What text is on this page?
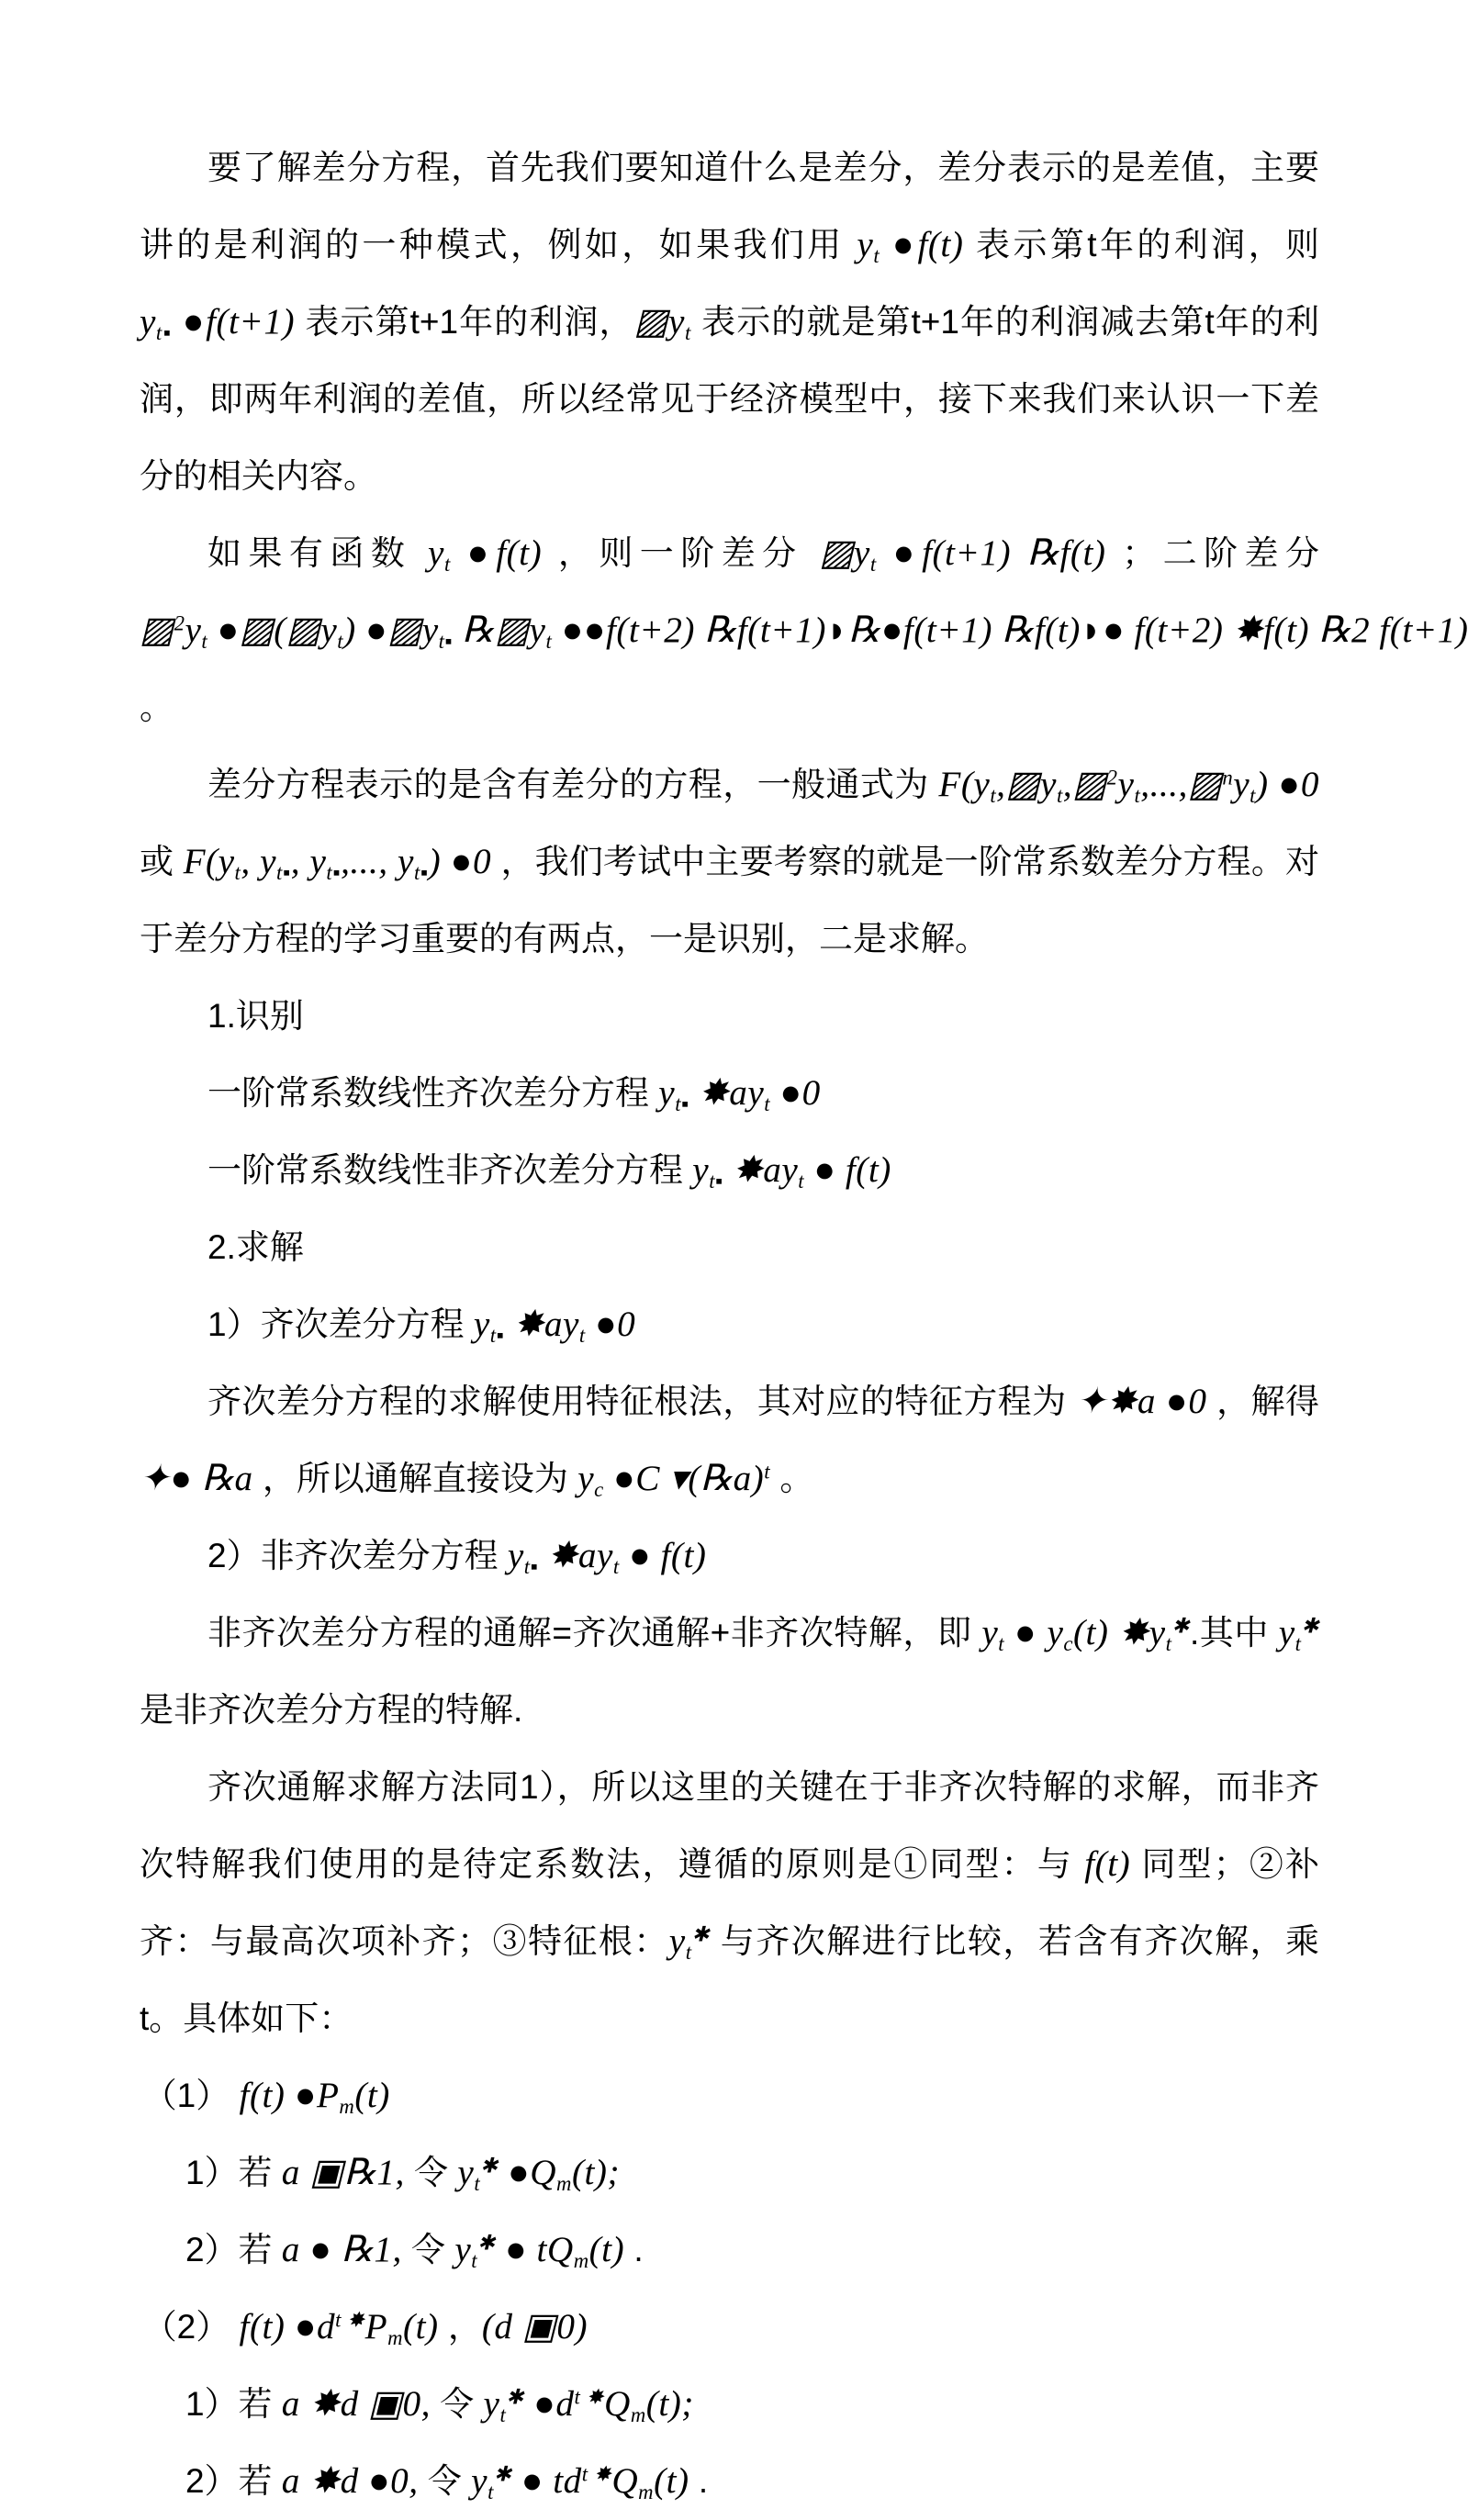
要了解差分方程，首先我们要知道什么是差分，差分表示的是差值，主要讲的是利润的一种模式，例如，如果我们用 $y_t$ ●f(t) 表示第t年的利润，则 $y_{t▪}$ ●f(t+1) 表示第t+1年的利润，$▨y_t$ 表示的就是第t+1年的利润减去第t年的利润，即两年利润的差值，所以经常见于经济模型中，接下来我们来认识一下差分的相关内容。

如果有函数 $y_t$ ●f(t) ，则一阶差分 $▨y_t$ ●f(t+1) ℞f(t) ；二阶差分 $▨^2y_t$ $●▨(▨y_t)$ $●▨y_{t▪}$ $℞▨y_t$ ●●f(t+2) ℞f(t+1)◗℞●f(t+1) ℞f(t)◗● f(t+2) ✸f(t) ℞2 f(t+1)。

差分方程表示的是含有差分的方程，一般通式为 $F(y_t,▨y_t,▨^2y_t,...,▨^ny_t)$ ●0 或 $F(y_t$, $y_{t▪}$, $y_{t▪}$,..., $y_{t▪}$) ●0 ，我们考试中主要考察的就是一阶常系数差分方程。对于差分方程的学习重要的有两点，一是识别，二是求解。

1.识别

一阶常系数线性齐次差分方程 $y_{t▪}$ $✸ay_t$ ●0

一阶常系数线性非齐次差分方程 $y_{t▪}$ $✸ay_t$ ● f(t)

2.求解

1）齐次差分方程 $y_{t▪}$ $✸ay_t$ ●0

齐次差分方程的求解使用特征根法，其对应的特征方程为 ✦✸a ●0 ，解得 ✦● ℞a ，所以通解直接设为 $y_c$ ●C ▾(℞a)$^t$ 。

2）非齐次差分方程 $y_{t▪}$ $✸ay_t$ ● f(t)

非齐次差分方程的通解=齐次通解+非齐次特解，即 $y_t$ ● $y_c(t)$ $✸y_t^✱$.其中 $y_t^✱$ 是非齐次差分方程的特解.

齐次通解求解方法同1），所以这里的关键在于非齐次特解的求解，而非齐次特解我们使用的是待定系数法，遵循的原则是①同型：与 f(t) 同型；②补齐：与最高次项补齐；③特征根：$y_t^✱$ 与齐次解进行比较，若含有齐次解，乘t。具体如下：

（1） f(t) $●P_m(t)$

1）若 a ▣℞1, 令 $y_t^✱$ $●Q_m(t)$;

2）若 a ● ℞1, 令 $y_t^✱$ ● $tQ_m(t)$ .

（2） f(t) $●d^{t ✸}P_m(t)$ ，(d ▣0)

1）若 a ✸d ▣0, 令 $y_t^✱$ $●d^{t ✸}Q_m(t)$;

2）若 a ✸d ●0, 令 $y_t^✱$ ● $td^{t ✸}Q_m(t)$ .
